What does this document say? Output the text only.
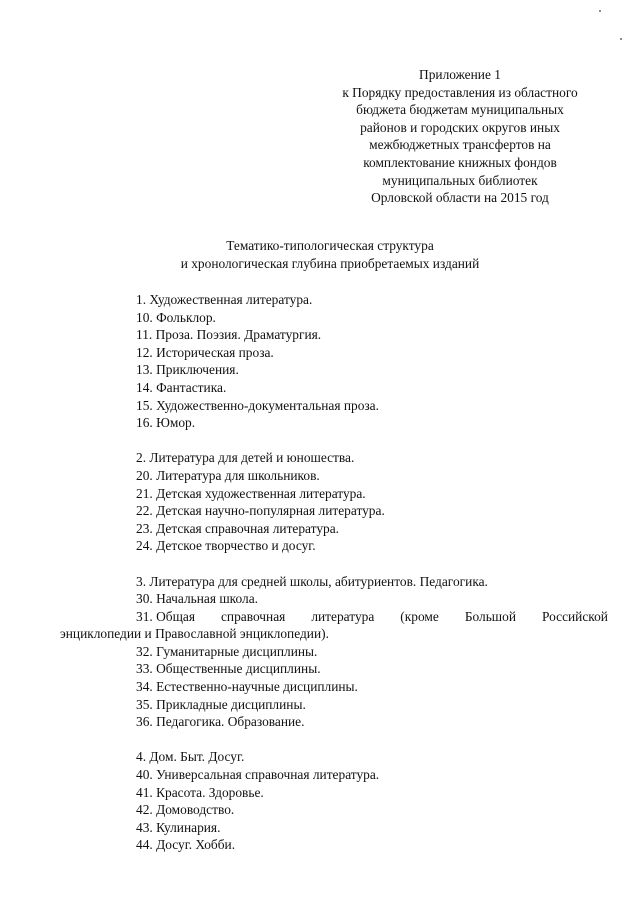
Приложение 1
к Порядку предоставления из областного
бюджета бюджетам муниципальных
районов и городских округов иных
межбюджетных трансфертов на
комплектование книжных фондов
муниципальных библиотек
Орловской области на 2015 год
Тематико-типологическая структура
и хронологическая глубина приобретаемых изданий
1. Художественная литература.
10. Фольклор.
11. Проза. Поэзия. Драматургия.
12. Историческая проза.
13. Приключения.
14. Фантастика.
15. Художественно-документальная проза.
16. Юмор.
2. Литература для детей и юношества.
20. Литература для школьников.
21. Детская художественная литература.
22. Детская научно-популярная литература.
23. Детская справочная литература.
24. Детское творчество и досуг.
3. Литература для средней школы, абитуриентов. Педагогика.
30. Начальная школа.
31. Общая справочная литература (кроме Большой Российской
энциклопедии и Православной энциклопедии).
32. Гуманитарные дисциплины.
33. Общественные дисциплины.
34. Естественно-научные дисциплины.
35. Прикладные дисциплины.
36. Педагогика. Образование.
4. Дом. Быт. Досуг.
40. Универсальная справочная литература.
41. Красота. Здоровье.
42. Домоводство.
43. Кулинария.
44. Досуг. Хобби.
